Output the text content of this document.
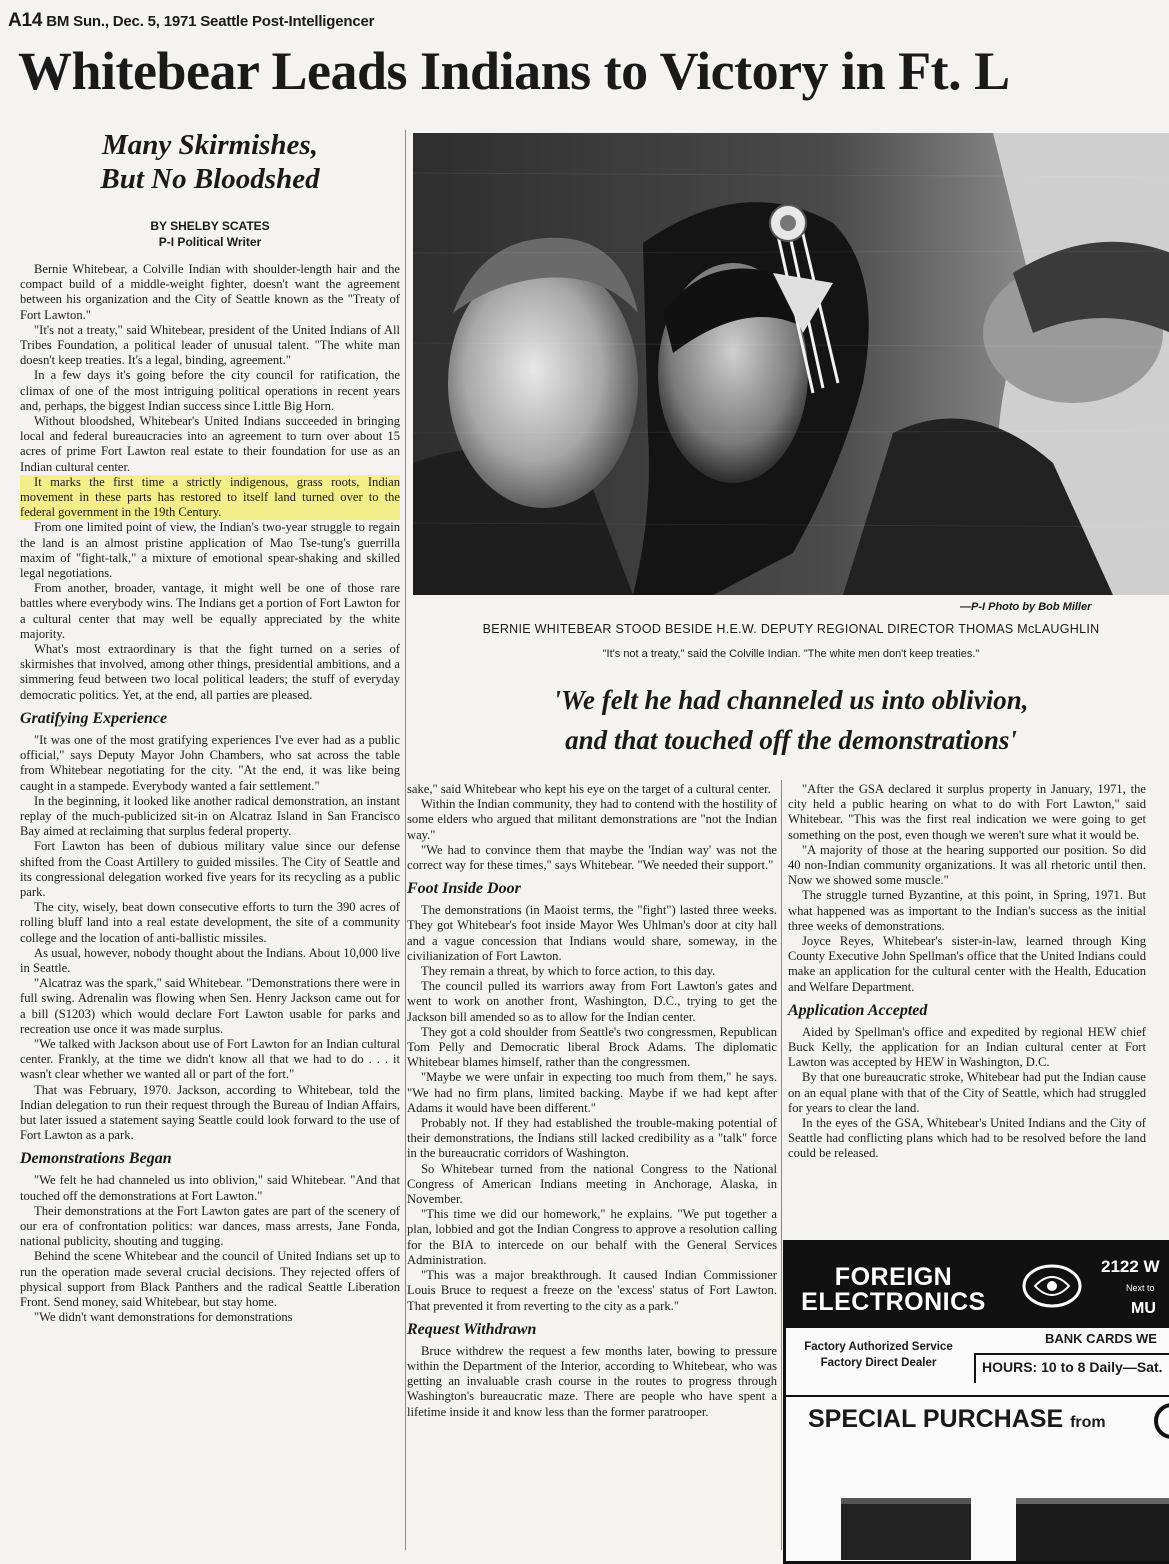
A14 BM Sun., Dec. 5, 1971 Seattle Post-Intelligencer
Whitebear Leads Indians to Victory in Ft. L
Many Skirmishes,
But No Bloodshed
BY SHELBY SCATES
P-I Political Writer

Bernie Whitebear, a Colville Indian with shoulder-length hair and the compact build of a middle-weight fighter, doesn't want the agreement between his organization and the City of Seattle known as the "Treaty of Fort Lawton."

"It's not a treaty," said Whitebear, president of the United Indians of All Tribes Foundation, a political leader of unusual talent. "The white man doesn't keep treaties. It's a legal, binding, agreement."

In a few days it's going before the city council for ratification, the climax of one of the most intriguing political operations in recent years and, perhaps, the biggest Indian success since Little Big Horn.

Without bloodshed, Whitebear's United Indians succeeded in bringing local and federal bureaucracies into an agreement to turn over about 15 acres of prime Fort Lawton real estate to their foundation for use as an Indian cultural center.

It marks the first time a strictly indigenous, grass roots, Indian movement in these parts has restored to itself land turned over to the federal government in the 19th Century.

From one limited point of view, the Indian's two-year struggle to regain the land is an almost pristine application of Mao Tse-tung's guerrilla maxim of "fight-talk," a mixture of emotional spear-shaking and skilled legal negotiations.

From another, broader, vantage, it might well be one of those rare battles where everybody wins. The Indians get a portion of Fort Lawton for a cultural center that may well be equally appreciated by the white majority.

What's most extraordinary is that the fight turned on a series of skirmishes that involved, among other things, presidential ambitions, and a simmering feud between two local political leaders; the stuff of everyday democratic politics. Yet, at the end, all parties are pleased.

Gratifying Experience

"It was one of the most gratifying experiences I've ever had as a public official," says Deputy Mayor John Chambers, who sat across the table from Whitebear negotiating for the city. "At the end, it was like being caught in a stampede. Everybody wanted a fair settlement."

In the beginning, it looked like another radical demonstration, an instant replay of the much-publicized sit-in on Alcatraz Island in San Francisco Bay aimed at reclaiming that surplus federal property.

Fort Lawton has been of dubious military value since our defense shifted from the Coast Artillery to guided missiles. The City of Seattle and its congressional delegation worked five years for its recycling as a public park.

The city, wisely, beat down consecutive efforts to turn the 390 acres of rolling bluff land into a real estate development, the site of a community college and the location of anti-ballistic missiles.

As usual, however, nobody thought about the Indians. About 10,000 live in Seattle.

"Alcatraz was the spark," said Whitebear. "Demonstrations there were in full swing. Adrenalin was flowing when Sen. Henry Jackson came out for a bill (S1203) which would declare Fort Lawton usable for parks and recreation use once it was made surplus.

"We talked with Jackson about use of Fort Lawton for an Indian cultural center. Frankly, at the time we didn't know all that we had to do . . . it wasn't clear whether we wanted all or part of the fort."

That was February, 1970. Jackson, according to Whitebear, told the Indian delegation to run their request through the Bureau of Indian Affairs, but later issued a statement saying Seattle could look forward to the use of Fort Lawton as a park.

Demonstrations Began

"We felt he had channeled us into oblivion," said Whitebear. "And that touched off the demonstrations at Fort Lawton."

Their demonstrations at the Fort Lawton gates are part of the scenery of our era of confrontation politics: war dances, mass arrests, Jane Fonda, national publicity, shouting and tugging.

Behind the scene Whitebear and the council of United Indians set up to run the operation made several crucial decisions. They rejected offers of physical support from Black Panthers and the radical Seattle Liberation Front. Send money, said Whitebear, but stay home.

"We didn't want demonstrations for demonstrations

—P-I Photo by Bob Miller
BERNIE WHITEBEAR STOOD BESIDE H.E.W. DEPUTY REGIONAL DIRECTOR THOMAS McLAUGHLIN
"It's not a treaty," said the Colville Indian. "The white men don't keep treaties."
'We felt he had channeled us into oblivion,
and that touched off the demonstrations'

sake," said Whitebear who kept his eye on the target of a cultural center.

Within the Indian community, they had to contend with the hostility of some elders who argued that militant demonstrations are "not the Indian way."

"We had to convince them that maybe the 'Indian way' was not the correct way for these times," says Whitebear. "We needed their support."

Foot Inside Door

The demonstrations (in Maoist terms, the "fight") lasted three weeks. They got Whitebear's foot inside Mayor Wes Uhlman's door at city hall and a vague concession that Indians would share, someway, in the civilianization of Fort Lawton.

They remain a threat, by which to force action, to this day.

The council pulled its warriors away from Fort Lawton's gates and went to work on another front, Washington, D.C., trying to get the Jackson bill amended so as to allow for the Indian center.

They got a cold shoulder from Seattle's two congressmen, Republican Tom Pelly and Democratic liberal Brock Adams. The diplomatic Whitebear blames himself, rather than the congressmen.

"Maybe we were unfair in expecting too much from them," he says. "We had no firm plans, limited backing. Maybe if we had kept after Adams it would have been different."

Probably not. If they had established the trouble-making potential of their demonstrations, the Indians still lacked credibility as a "talk" force in the bureaucratic corridors of Washington.

So Whitebear turned from the national Congress to the National Congress of American Indians meeting in Anchorage, Alaska, in November.

"This time we did our homework," he explains. "We put together a plan, lobbied and got the Indian Congress to approve a resolution calling for the BIA to intercede on our behalf with the General Services Administration.

"This was a major breakthrough. It caused Indian Commissioner Louis Bruce to request a freeze on the 'excess' status of Fort Lawton. That prevented it from reverting to the city as a park."

Request Withdrawn

Bruce withdrew the request a few months later, bowing to pressure within the Department of the Interior, according to Whitebear, who was getting an invaluable crash course in the routes to progress through Washington's bureaucratic maze. There are people who have spent a lifetime inside it and know less than the former paratrooper.

"After the GSA declared it surplus property in January, 1971, the city held a public hearing on what to do with Fort Lawton," said Whitebear. "This was the first real indication we were going to get something on the post, even though we weren't sure what it would be.

"A majority of those at the hearing supported our position. So did 40 non-Indian community organizations. It was all rhetoric until then. Now we showed some muscle."

The struggle turned Byzantine, at this point, in Spring, 1971. But what happened was as important to the Indian's success as the initial three weeks of demonstrations.

Joyce Reyes, Whitebear's sister-in-law, learned through King County Executive John Spellman's office that the United Indians could make an application for the cultural center with the Health, Education and Welfare Department.

Application Accepted

Aided by Spellman's office and expedited by regional HEW chief Buck Kelly, the application for an Indian cultural center at Fort Lawton was accepted by HEW in Washington, D.C.

By that one bureaucratic stroke, Whitebear had put the Indian cause on an equal plane with that of the City of Seattle, which had struggled for years to clear the land.

In the eyes of the GSA, Whitebear's United Indians and the City of Seattle had conflicting plans which had to be resolved before the land could be released.

FOREIGN
ELECTRONICS
2122 W
Next to
MU
Factory Authorized Service
Factory Direct Dealer
BANK CARDS WE
HOURS: 10 to 8 Daily—Sat.
SPECIAL PURCHASE from
